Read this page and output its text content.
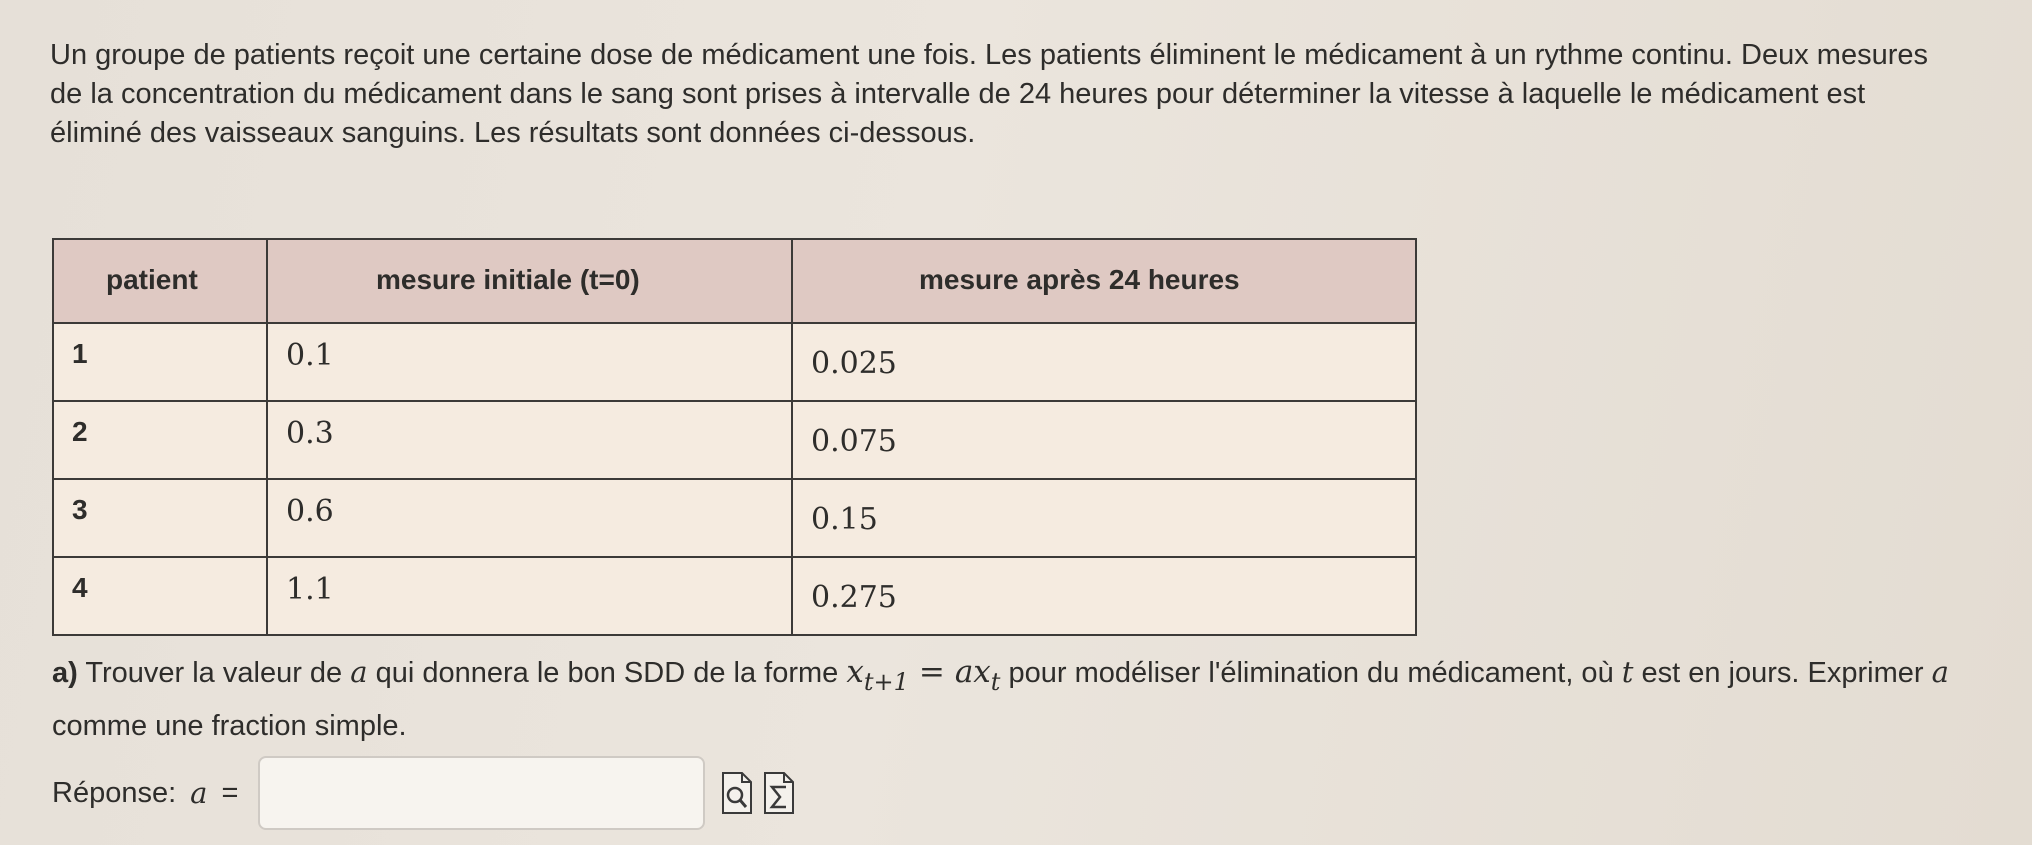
Un groupe de patients reçoit une certaine dose de médicament une fois. Les patients éliminent le médicament à un rythme continu. Deux mesures de la concentration du médicament dans le sang sont prises à intervalle de 24 heures pour déterminer la vitesse à laquelle le médicament est éliminé des vaisseaux sanguins. Les résultats sont données ci-dessous.
patient	mesure initiale (t=0)	mesure après 24 heures
1	0.1	0.025
2	0.3	0.075
3	0.6	0.15
4	1.1	0.275
a) Trouver la valeur de a qui donnera le bon SDD de la forme $x_{t+1} = ax_t$ pour modéliser l'élimination du médicament, où t est en jours. Exprimer a comme une fraction simple.
Réponse: a =
